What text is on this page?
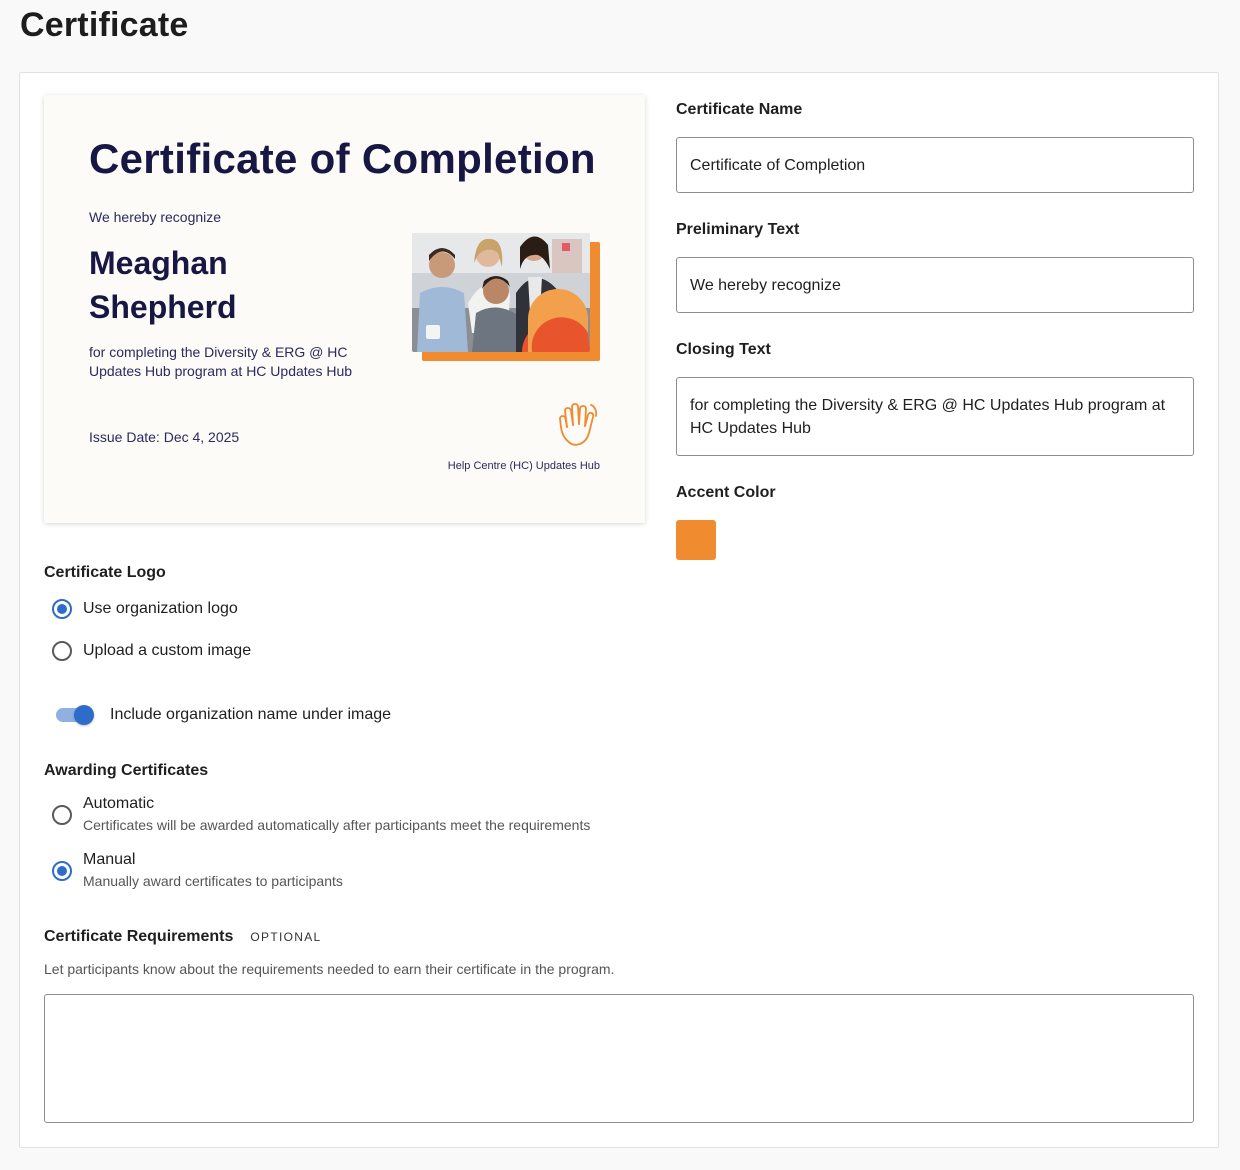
Certificate
Certificate of Completion
We hereby recognize
Meaghan Shepherd
for completing the Diversity & ERG @ HC Updates Hub program at HC Updates Hub
Issue Date: Dec 4, 2025
Help Centre (HC) Updates Hub
Certificate Name
Certificate of Completion
Preliminary Text
We hereby recognize
Closing Text
for completing the Diversity & ERG @ HC Updates Hub program at HC Updates Hub
Accent Color
Certificate Logo
Use organization logo
Upload a custom image
Include organization name under image
Awarding Certificates
Automatic
Certificates will be awarded automatically after participants meet the requirements
Manual
Manually award certificates to participants
Certificate Requirements OPTIONAL
Let participants know about the requirements needed to earn their certificate in the program.
